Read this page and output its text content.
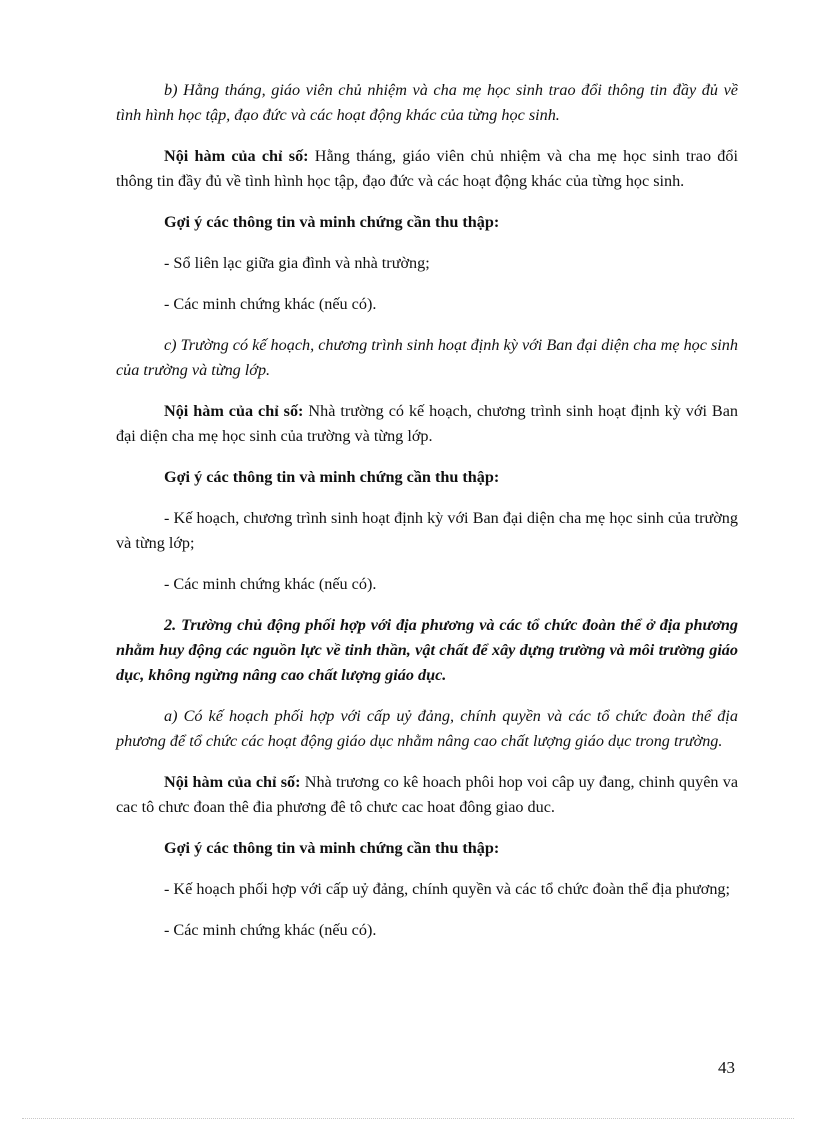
b) Hằng tháng, giáo viên chủ nhiệm và cha mẹ học sinh trao đổi thông tin đầy đủ về tình hình học tập, đạo đức và các hoạt động khác của từng học sinh.

Nội hàm của chỉ số: Hằng tháng, giáo viên chủ nhiệm và cha mẹ học sinh trao đổi thông tin đầy đủ về tình hình học tập, đạo đức và các hoạt động khác của từng học sinh.

Gợi ý các thông tin và minh chứng cần thu thập:

- Sổ liên lạc giữa gia đình và nhà trường;

- Các minh chứng khác (nếu có).

c) Trường có kế hoạch, chương trình sinh hoạt định kỳ với Ban đại diện cha mẹ học sinh của trường và từng lớp.

Nội hàm của chỉ số: Nhà trường có kế hoạch, chương trình sinh hoạt định kỳ với Ban đại diện cha mẹ học sinh của trường và từng lớp.

Gợi ý các thông tin và minh chứng cần thu thập:

- Kế hoạch, chương trình sinh hoạt định kỳ với Ban đại diện cha mẹ học sinh của trường và từng lớp;

- Các minh chứng khác (nếu có).

2. Trường chủ động phối hợp với địa phương và các tổ chức đoàn thể ở địa phương nhằm huy động các nguồn lực về tinh thần, vật chất để xây dựng trường và môi trường giáo dục, không ngừng nâng cao chất lượng giáo dục.

a) Có kế hoạch phối hợp với cấp uỷ đảng, chính quyền và các tổ chức đoàn thể địa phương để tổ chức các hoạt động giáo dục nhằm nâng cao chất lượng giáo dục trong trường.

Nội hàm của chỉ số: Nhà trương co kê hoach phôi hop voi câp uy đang, chinh quyên va cac tô chưc đoan thê đia phương đê tô chưc cac hoat đông giao duc.

Gợi ý các thông tin và minh chứng cần thu thập:

- Kế hoạch phối hợp với cấp uỷ đảng, chính quyền và các tổ chức đoàn thể địa phương;

- Các minh chứng khác (nếu có).

43
